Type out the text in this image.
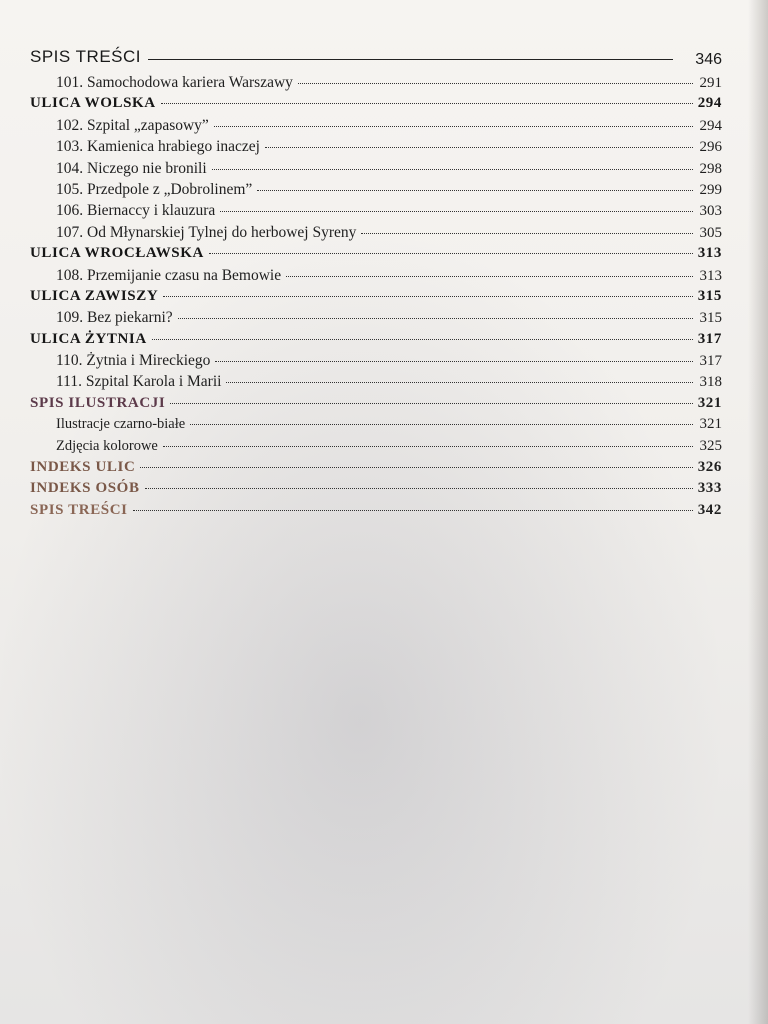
SPIS TREŚCI	346
101. Samochodowa kariera Warszawy	291
ULICA WOLSKA	294
102. Szpital „zapasowy”	294
103. Kamienica hrabiego inaczej	296
104. Niczego nie bronili	298
105. Przedpole z „Dobrolinem”	299
106. Biernaccy i klauzura	303
107. Od Młynarskiej Tylnej do herbowej Syreny	305
ULICA WROCŁAWSKA	313
108. Przemijanie czasu na Bemowie	313
ULICA ZAWISZY	315
109. Bez piekarni?	315
ULICA ŻYTNIA	317
110. Żytnia i Mireckiego	317
111. Szpital Karola i Marii	318
SPIS ILUSTRACJI	321
Ilustracje czarno-białe	321
Zdjęcia kolorowe	325
INDEKS ULIC	326
INDEKS OSÓB	333
SPIS TREŚCI	342
